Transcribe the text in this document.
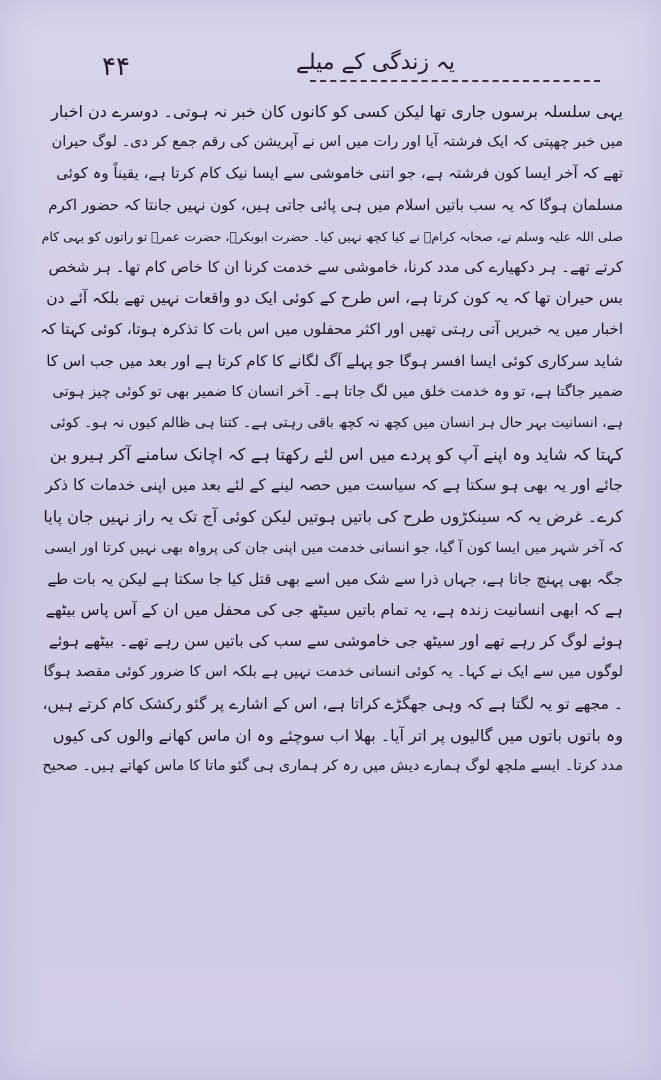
۴۴	یہ زندگی کے میلے
یہی سلسلہ برسوں جاری تھا لیکن کسی کو کانوں کان خبر نہ ہوتی۔ دوسرے دن اخبار
میں خبر چھپتی کہ ایک فرشتہ آیا اور رات میں اس نے آپریشن کی رقم جمع کر دی۔ لوگ حیران
تھے کہ آخر ایسا کون فرشتہ ہے، جو اتنی خاموشی سے ایسا نیک کام کرتا ہے، یقیناً وہ کوئی
مسلمان ہوگا کہ یہ سب باتیں اسلام میں ہی پائی جاتی ہیں، کون نہیں جانتا کہ حضور اکرم
صلی اللہ علیہ وسلم نے، صحابہ کرامؓ نے کیا کچھ نہیں کیا۔ حضرت ابوبکرؓ، حضرت عمرؓ تو راتوں کو یہی کام
کرتے تھے۔ ہر دکھیارے کی مدد کرنا، خاموشی سے خدمت کرنا ان کا خاص کام تھا۔ ہر شخص
بس حیران تھا کہ یہ کون کرتا ہے، اس طرح کے کوئی ایک دو واقعات نہیں تھے بلکہ آئے دن
اخبار میں یہ خبریں آتی رہتی تھیں اور اکثر محفلوں میں اس بات کا تذکرہ ہوتا، کوئی کہتا کہ
شاید سرکاری کوئی ایسا افسر ہوگا جو پہلے آگ لگانے کا کام کرتا ہے اور بعد میں جب اس کا
ضمیر جاگتا ہے، تو وہ خدمت خلق میں لگ جاتا ہے۔ آخر انسان کا ضمیر بھی تو کوئی چیز ہوتی
ہے، انسانیت بہر حال ہر انسان میں کچھ نہ کچھ باقی رہتی ہے۔ کتنا ہی ظالم کیوں نہ ہو۔ کوئی
کہتا کہ شاید وہ اپنے آپ کو پردے میں اس لئے رکھتا ہے کہ اچانک سامنے آکر ہیرو بن
جائے اور یہ بھی ہو سکتا ہے کہ سیاست میں حصہ لینے کے لئے بعد میں اپنی خدمات کا ذکر
کرے۔ غرض یہ کہ سینکڑوں طرح کی باتیں ہوتیں لیکن کوئی آج تک یہ راز نہیں جان پایا
کہ آخر شہر میں ایسا کون آ گیا، جو انسانی خدمت میں اپنی جان کی پرواہ بھی نہیں کرتا اور ایسی
جگہ بھی پہنچ جاتا ہے، جہاں ذرا سے شک میں اسے بھی قتل کیا جا سکتا ہے لیکن یہ بات طے
ہے کہ ابھی انسانیت زندہ ہے، یہ تمام باتیں سیٹھ جی کی محفل میں ان کے آس پاس بیٹھے
ہوئے لوگ کر رہے تھے اور سیٹھ جی خاموشی سے سب کی باتیں سن رہے تھے۔ بیٹھے ہوئے
لوگوں میں سے ایک نے کہا۔ یہ کوئی انسانی خدمت نہیں ہے بلکہ اس کا ضرور کوئی مقصد ہوگا
۔ مجھے تو یہ لگتا ہے کہ وہی جھگڑے کراتا ہے، اس کے اشارے پر گئو رکشک کام کرتے ہیں،
وہ باتوں باتوں میں گالیوں پر اتر آیا۔ بھلا اب سوچئے وہ ان ماس کھانے والوں کی کیوں
مدد کرتا۔ ایسے ملچھ لوگ ہمارے دیش میں رہ کر ہماری ہی گئو ماتا کا ماس کھاتے ہیں۔ صحیح
